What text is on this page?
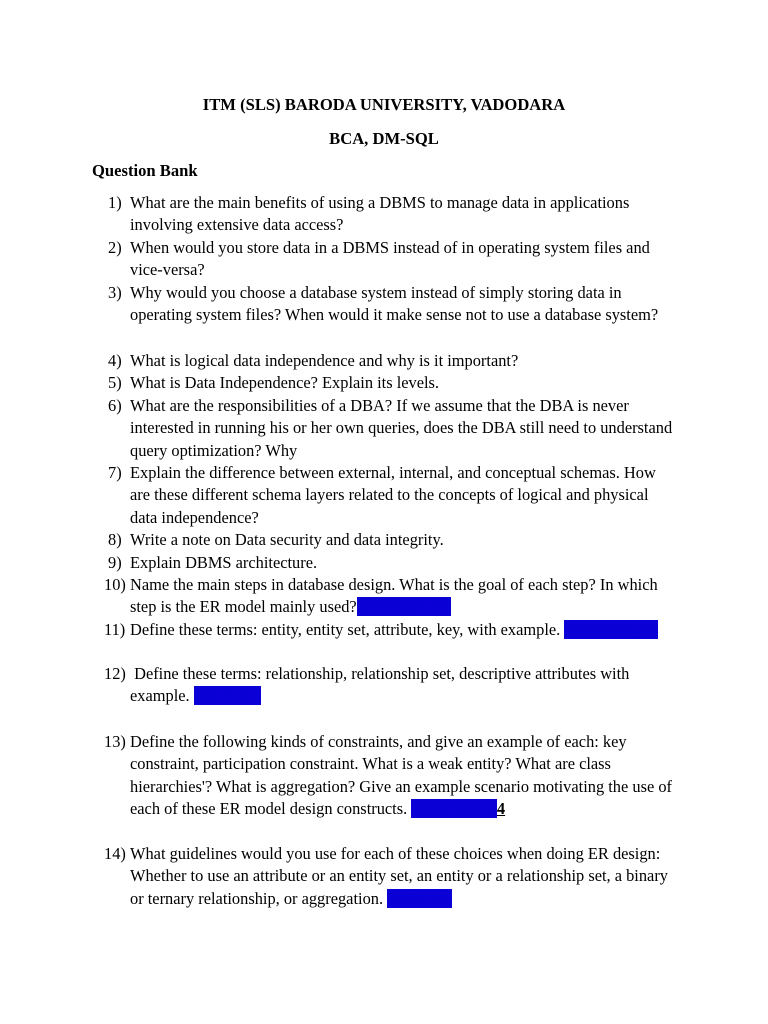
ITM (SLS) BARODA UNIVERSITY, VADODARA
BCA, DM-SQL
Question Bank
1) What are the main benefits of using a DBMS to manage data in applications involving extensive data access?
2) When would you store data in a DBMS instead of in operating system files and vice-versa?
3) Why would you choose a database system instead of simply storing data in operating system files? When would it make sense not to use a database system?
4) What is logical data independence and why is it important?
5) What is Data Independence? Explain its levels.
6) What are the responsibilities of a DBA? If we assume that the DBA is never interested in running his or her own queries, does the DBA still need to understand query optimization? Why
7) Explain the difference between external, internal, and conceptual schemas. How are these different schema layers related to the concepts of logical and physical data independence?
8) Write a note on Data security and data integrity.
9) Explain DBMS architecture.
10) Name the main steps in database design. What is the goal of each step? In which step is the ER model mainly used?SECTION 2.1
11) Define these terms: entity, entity set, attribute, key, with example. SECTION 2.2
12) Define these terms: relationship, relationship set, descriptive attributes with example. SECT. 2.3
13) Define the following kinds of constraints, and give an example of each: key constraint, participation constraint. What is a weak entity? What are class hierarchies'? What is aggregation? Give an example scenario motivating the use of each of these ER model design constructs. SECTION 2.4
14) What guidelines would you use for each of these choices when doing ER design:      Whether to use an attribute or an entity set, an entity or a relationship set, a binary or ternary relationship, or aggregation. SECT 2.5
